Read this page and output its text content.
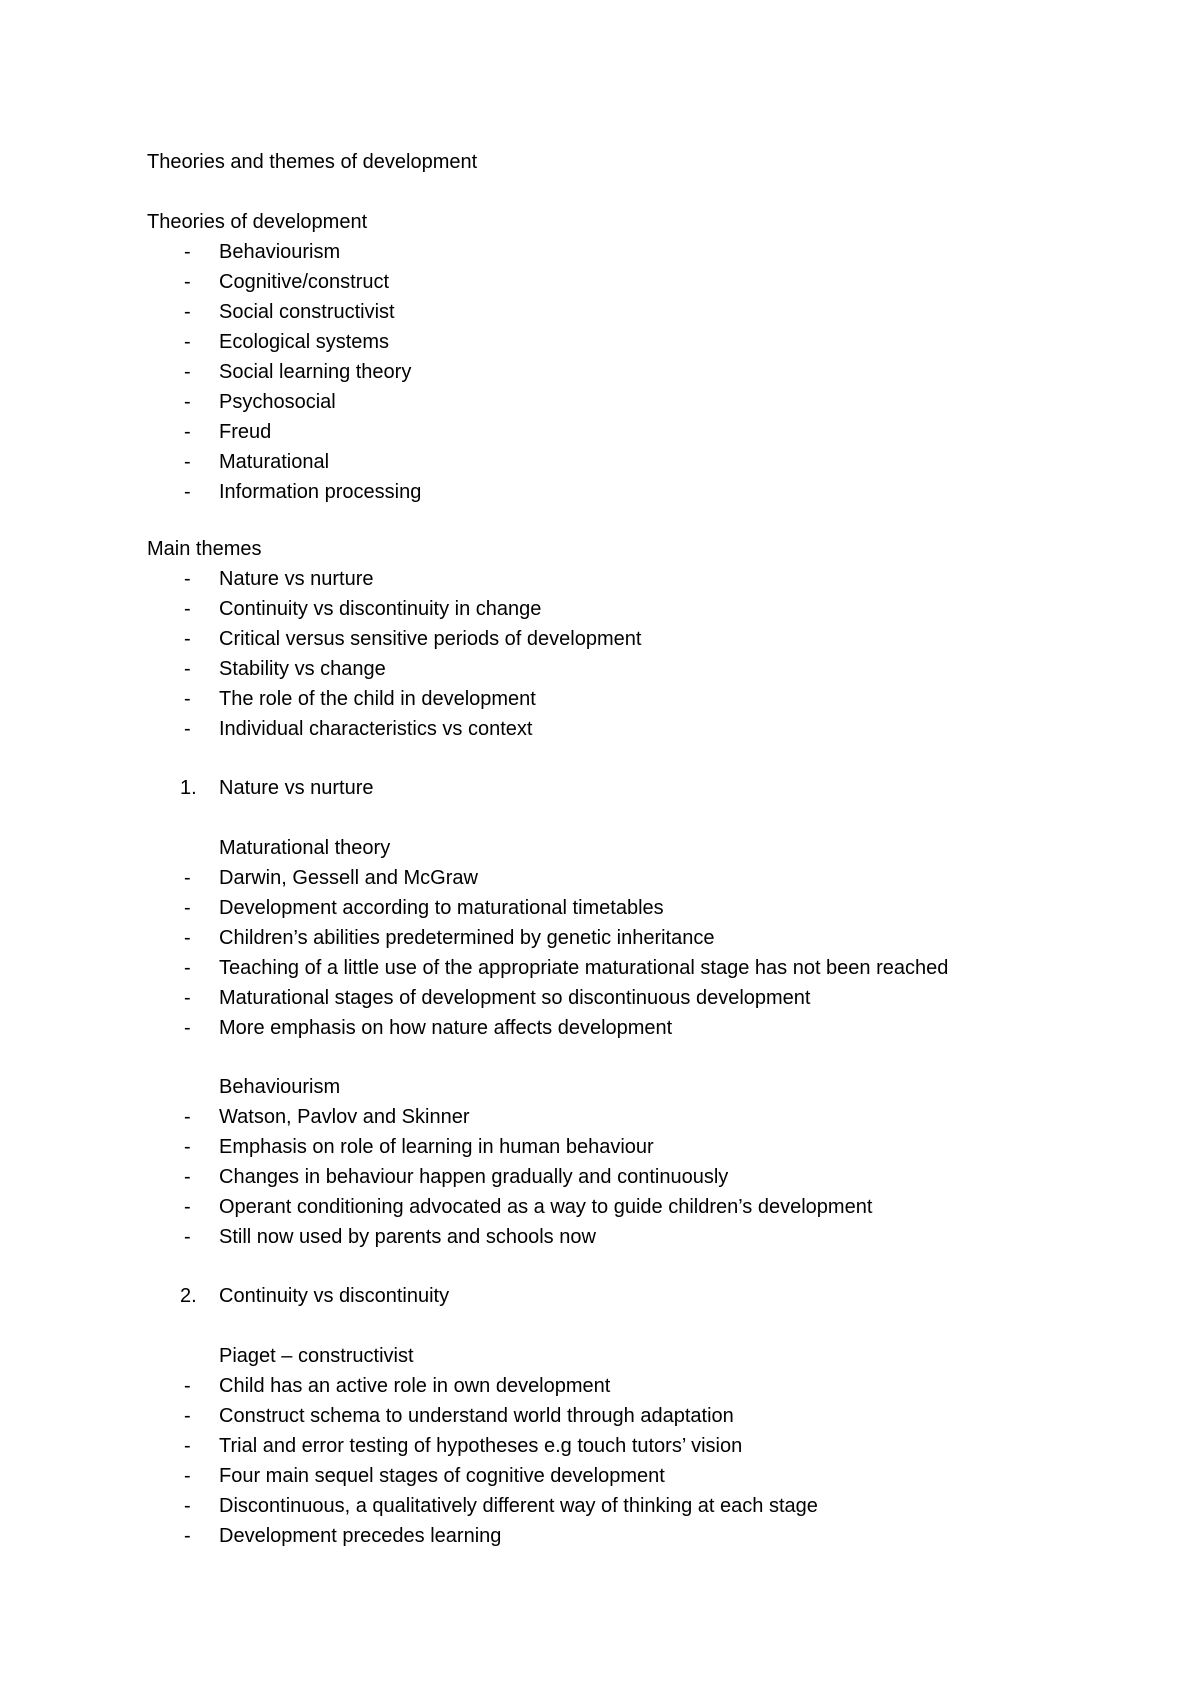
Theories and themes of development
Theories of development
- Behaviourism
- Cognitive/construct
- Social constructivist
- Ecological systems
- Social learning theory
- Psychosocial
- Freud
- Maturational
- Information processing
Main themes
- Nature vs nurture
- Continuity vs discontinuity in change
- Critical versus sensitive periods of development
- Stability vs change
- The role of the child in development
- Individual characteristics vs context
1. Nature vs nurture
Maturational theory
- Darwin, Gessell and McGraw
- Development according to maturational timetables
- Children’s abilities predetermined by genetic inheritance
- Teaching of a little use of the appropriate maturational stage has not been reached
- Maturational stages of development so discontinuous development
- More emphasis on how nature affects development
Behaviourism
- Watson, Pavlov and Skinner
- Emphasis on role of learning in human behaviour
- Changes in behaviour happen gradually and continuously
- Operant conditioning advocated as a way to guide children’s development
- Still now used by parents and schools now
2. Continuity vs discontinuity
Piaget – constructivist
- Child has an active role in own development
- Construct schema to understand world through adaptation
- Trial and error testing of hypotheses e.g touch tutors’ vision
- Four main sequel stages of cognitive development
- Discontinuous, a qualitatively different way of thinking at each stage
- Development precedes learning
